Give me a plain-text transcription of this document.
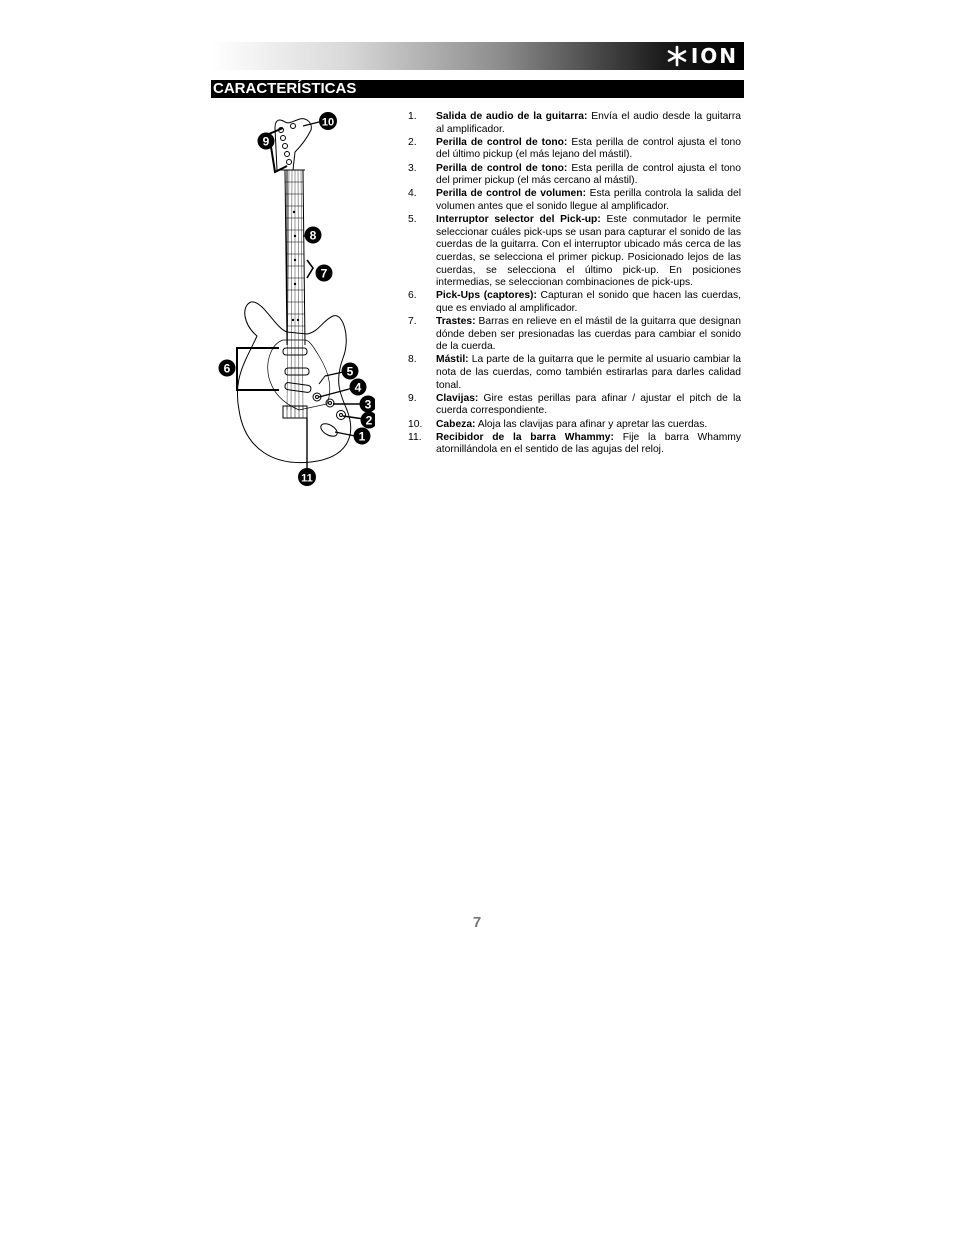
ION
CARACTERÍSTICAS
1
2
3
4
5
6
7
8
9
10
11
1.	Salida de audio de la guitarra: Envía el audio desde la guitarra al amplificador.
2.	Perilla de control de tono: Esta perilla de control ajusta el tono del último pickup (el más lejano del mástil).
3.	Perilla de control de tono: Esta perilla de control ajusta el tono del primer pickup (el más cercano al mástil).
4.	Perilla de control de volumen: Esta perilla controla la salida del volumen antes que el sonido llegue al amplificador.
5.	Interruptor selector del Pick-up: Este conmutador le permite seleccionar cuáles pick-ups se usan para capturar el sonido de las cuerdas de la guitarra. Con el interruptor ubicado más cerca de las cuerdas, se selecciona el primer pickup. Posicionado lejos de las cuerdas, se selecciona el último pick-up. En posiciones intermedias, se seleccionan combinaciones de pick-ups.
6.	Pick-Ups (captores): Capturan el sonido que hacen las cuerdas, que es enviado al amplificador.
7.	Trastes: Barras en relieve en el mástil de la guitarra que designan dónde deben ser presionadas las cuerdas para cambiar el sonido de la cuerda.
8.	Mástil: La parte de la guitarra que le permite al usuario cambiar la nota de las cuerdas, como también estirarlas para darles calidad tonal.
9.	Clavijas: Gire estas perillas para afinar / ajustar el pitch de la cuerda correspondiente.
10.	Cabeza: Aloja las clavijas para afinar y apretar las cuerdas.
11.	Recibidor de la barra Whammy: Fije la barra Whammy atornillándola en el sentido de las agujas del reloj.
7
